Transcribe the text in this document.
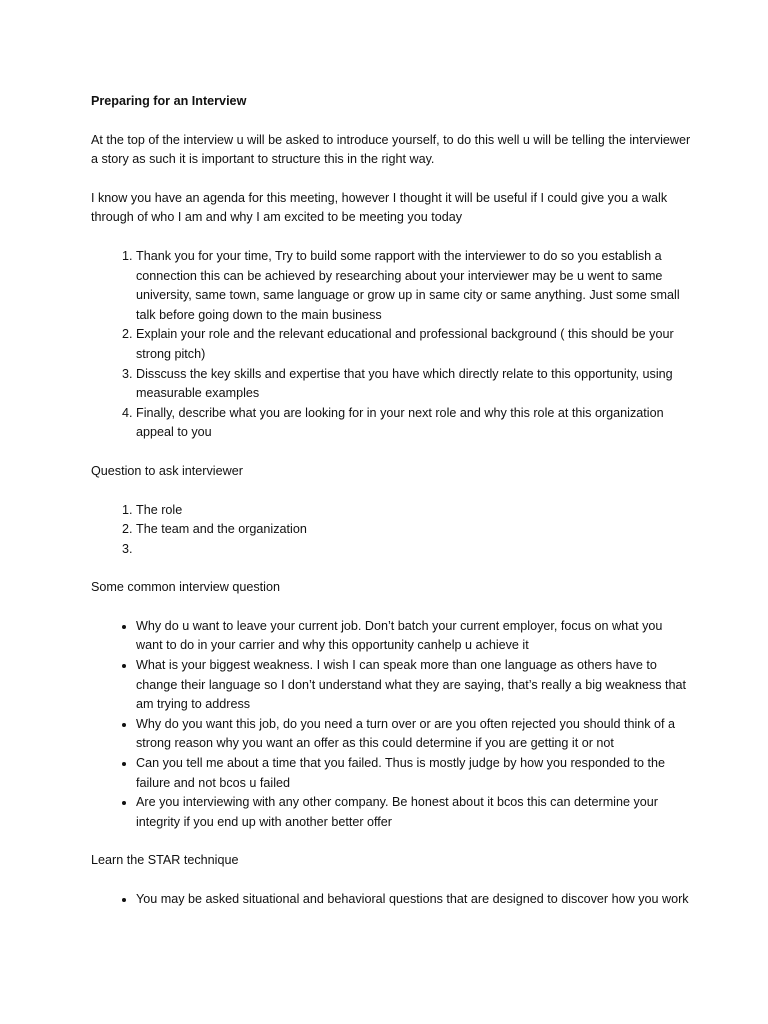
Preparing for an Interview

At the top of the interview u will be asked to introduce yourself, to do this well u will be telling the interviewer a story as such it is important to structure this in the right way.

I know you have an agenda for this meeting, however I thought it will be useful if I could give you a walk through of who I am and why I am excited to be meeting you today

1. Thank you for your time, Try to build some rapport with the interviewer to do so you establish a connection this can be achieved by researching about your interviewer may be u went to same university, same town, same language or grow up in same city or same anything. Just some small talk before going down to the main business
2. Explain your role and the relevant educational and professional background ( this should be your strong pitch)
3. Disscuss the key skills and expertise that you have which directly relate to this opportunity, using measurable examples
4. Finally, describe what you are looking for in your next role and why this role at this organization appeal to you

Question to ask interviewer

1. The role
2. The team and the organization
3.

Some common interview question

• Why do u want to leave your current job. Don’t batch your current employer, focus on what you want to do in your carrier and why this opportunity canhelp u achieve it
• What is your biggest weakness. I wish I can speak more than one language as others have to change their language so I don’t understand what they are saying, that’s really a big weakness that am trying to address
• Why do you want this job, do you need a turn over or are you often rejected you should think of a strong reason why you want an offer as this could determine if you are getting it or not
• Can you tell me about a time that you failed. Thus is mostly judge by how you responded to the failure and not bcos u failed
• Are you interviewing with any other company. Be honest about it bcos this can determine your integrity if you end up with another better offer

Learn the STAR technique

• You may be asked situational and behavioral questions that are designed to discover how you work
